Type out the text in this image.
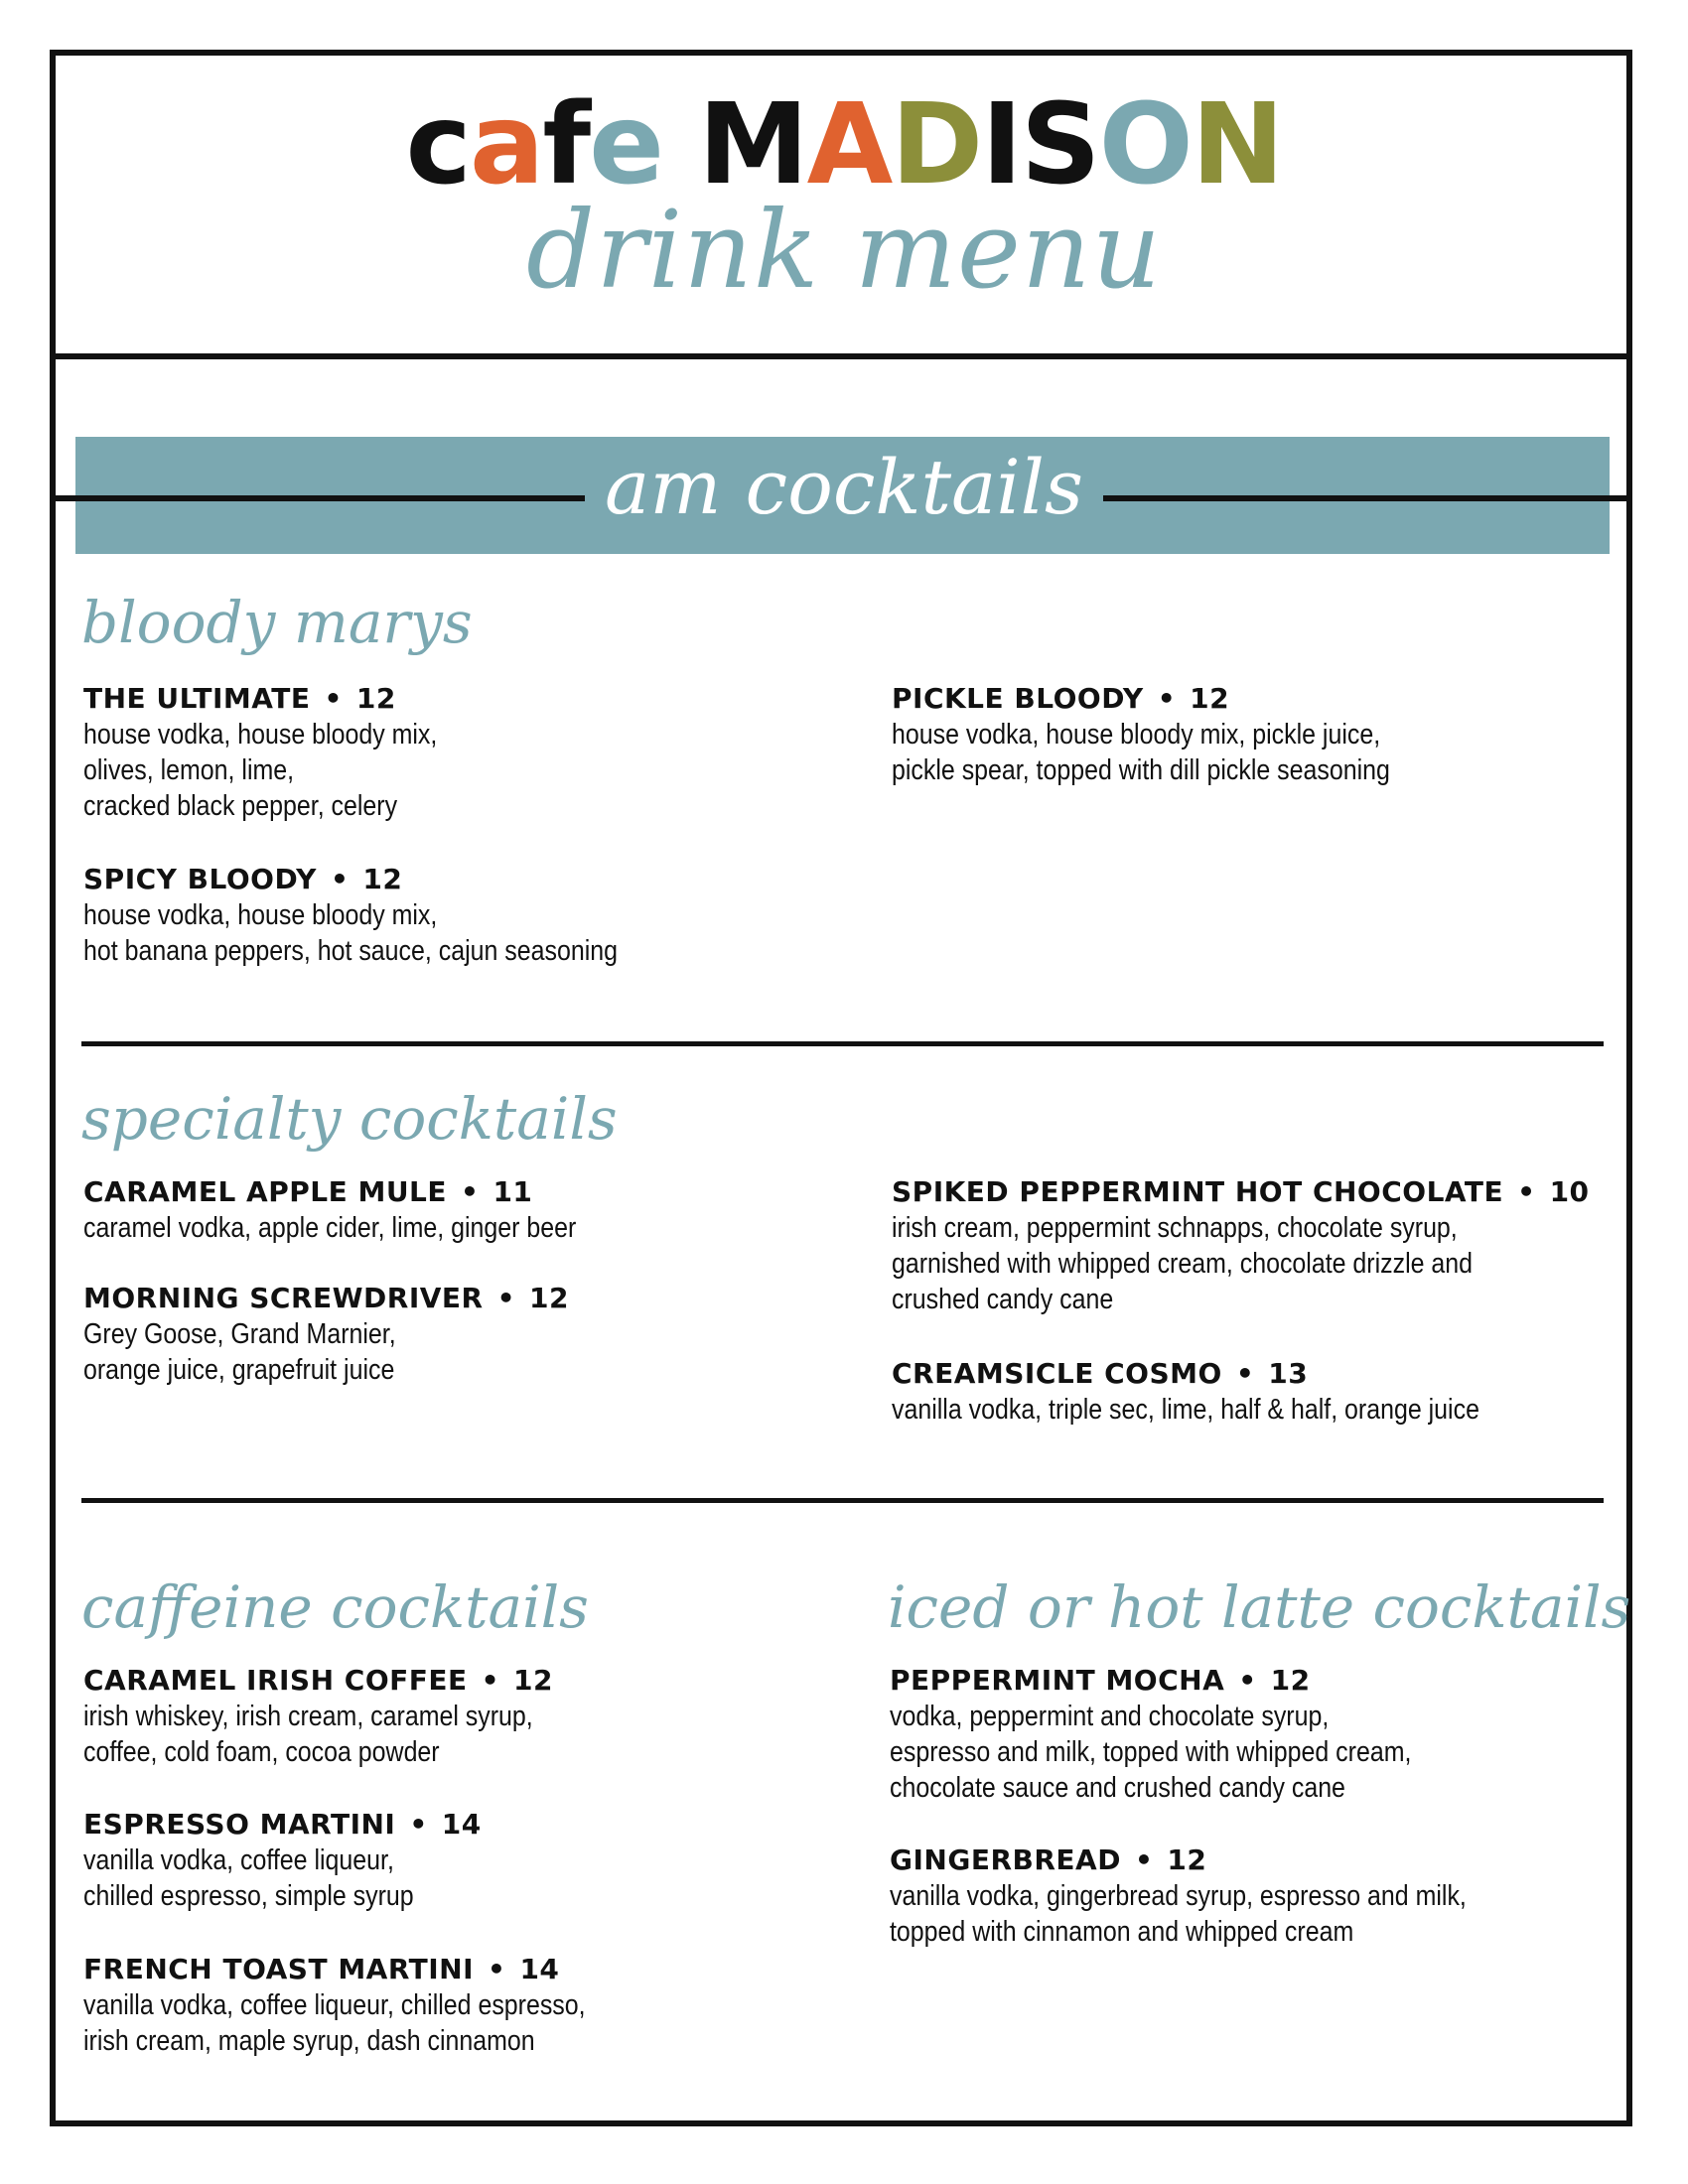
cafe MADISON
drink menu
am cocktails
bloody marys
THE ULTIMATE • 12
house vodka, house bloody mix,
olives, lemon, lime,
cracked black pepper, celery
SPICY BLOODY • 12
house vodka, house bloody mix,
hot banana peppers, hot sauce, cajun seasoning
PICKLE BLOODY • 12
house vodka, house bloody mix, pickle juice,
pickle spear, topped with dill pickle seasoning
specialty cocktails
CARAMEL APPLE MULE • 11
caramel vodka, apple cider, lime, ginger beer
MORNING SCREWDRIVER • 12
Grey Goose, Grand Marnier,
orange juice, grapefruit juice
SPIKED PEPPERMINT HOT CHOCOLATE • 10
irish cream, peppermint schnapps, chocolate syrup,
garnished with whipped cream, chocolate drizzle and
crushed candy cane
CREAMSICLE COSMO • 13
vanilla vodka, triple sec, lime, half & half, orange juice
caffeine cocktails
CARAMEL IRISH COFFEE • 12
irish whiskey, irish cream, caramel syrup,
coffee, cold foam, cocoa powder
ESPRESSO MARTINI • 14
vanilla vodka, coffee liqueur,
chilled espresso, simple syrup
FRENCH TOAST MARTINI • 14
vanilla vodka, coffee liqueur, chilled espresso,
irish cream, maple syrup, dash cinnamon
iced or hot latte cocktails
PEPPERMINT MOCHA • 12
vodka, peppermint and chocolate syrup,
espresso and milk, topped with whipped cream,
chocolate sauce and crushed candy cane
GINGERBREAD • 12
vanilla vodka, gingerbread syrup, espresso and milk,
topped with cinnamon and whipped cream
